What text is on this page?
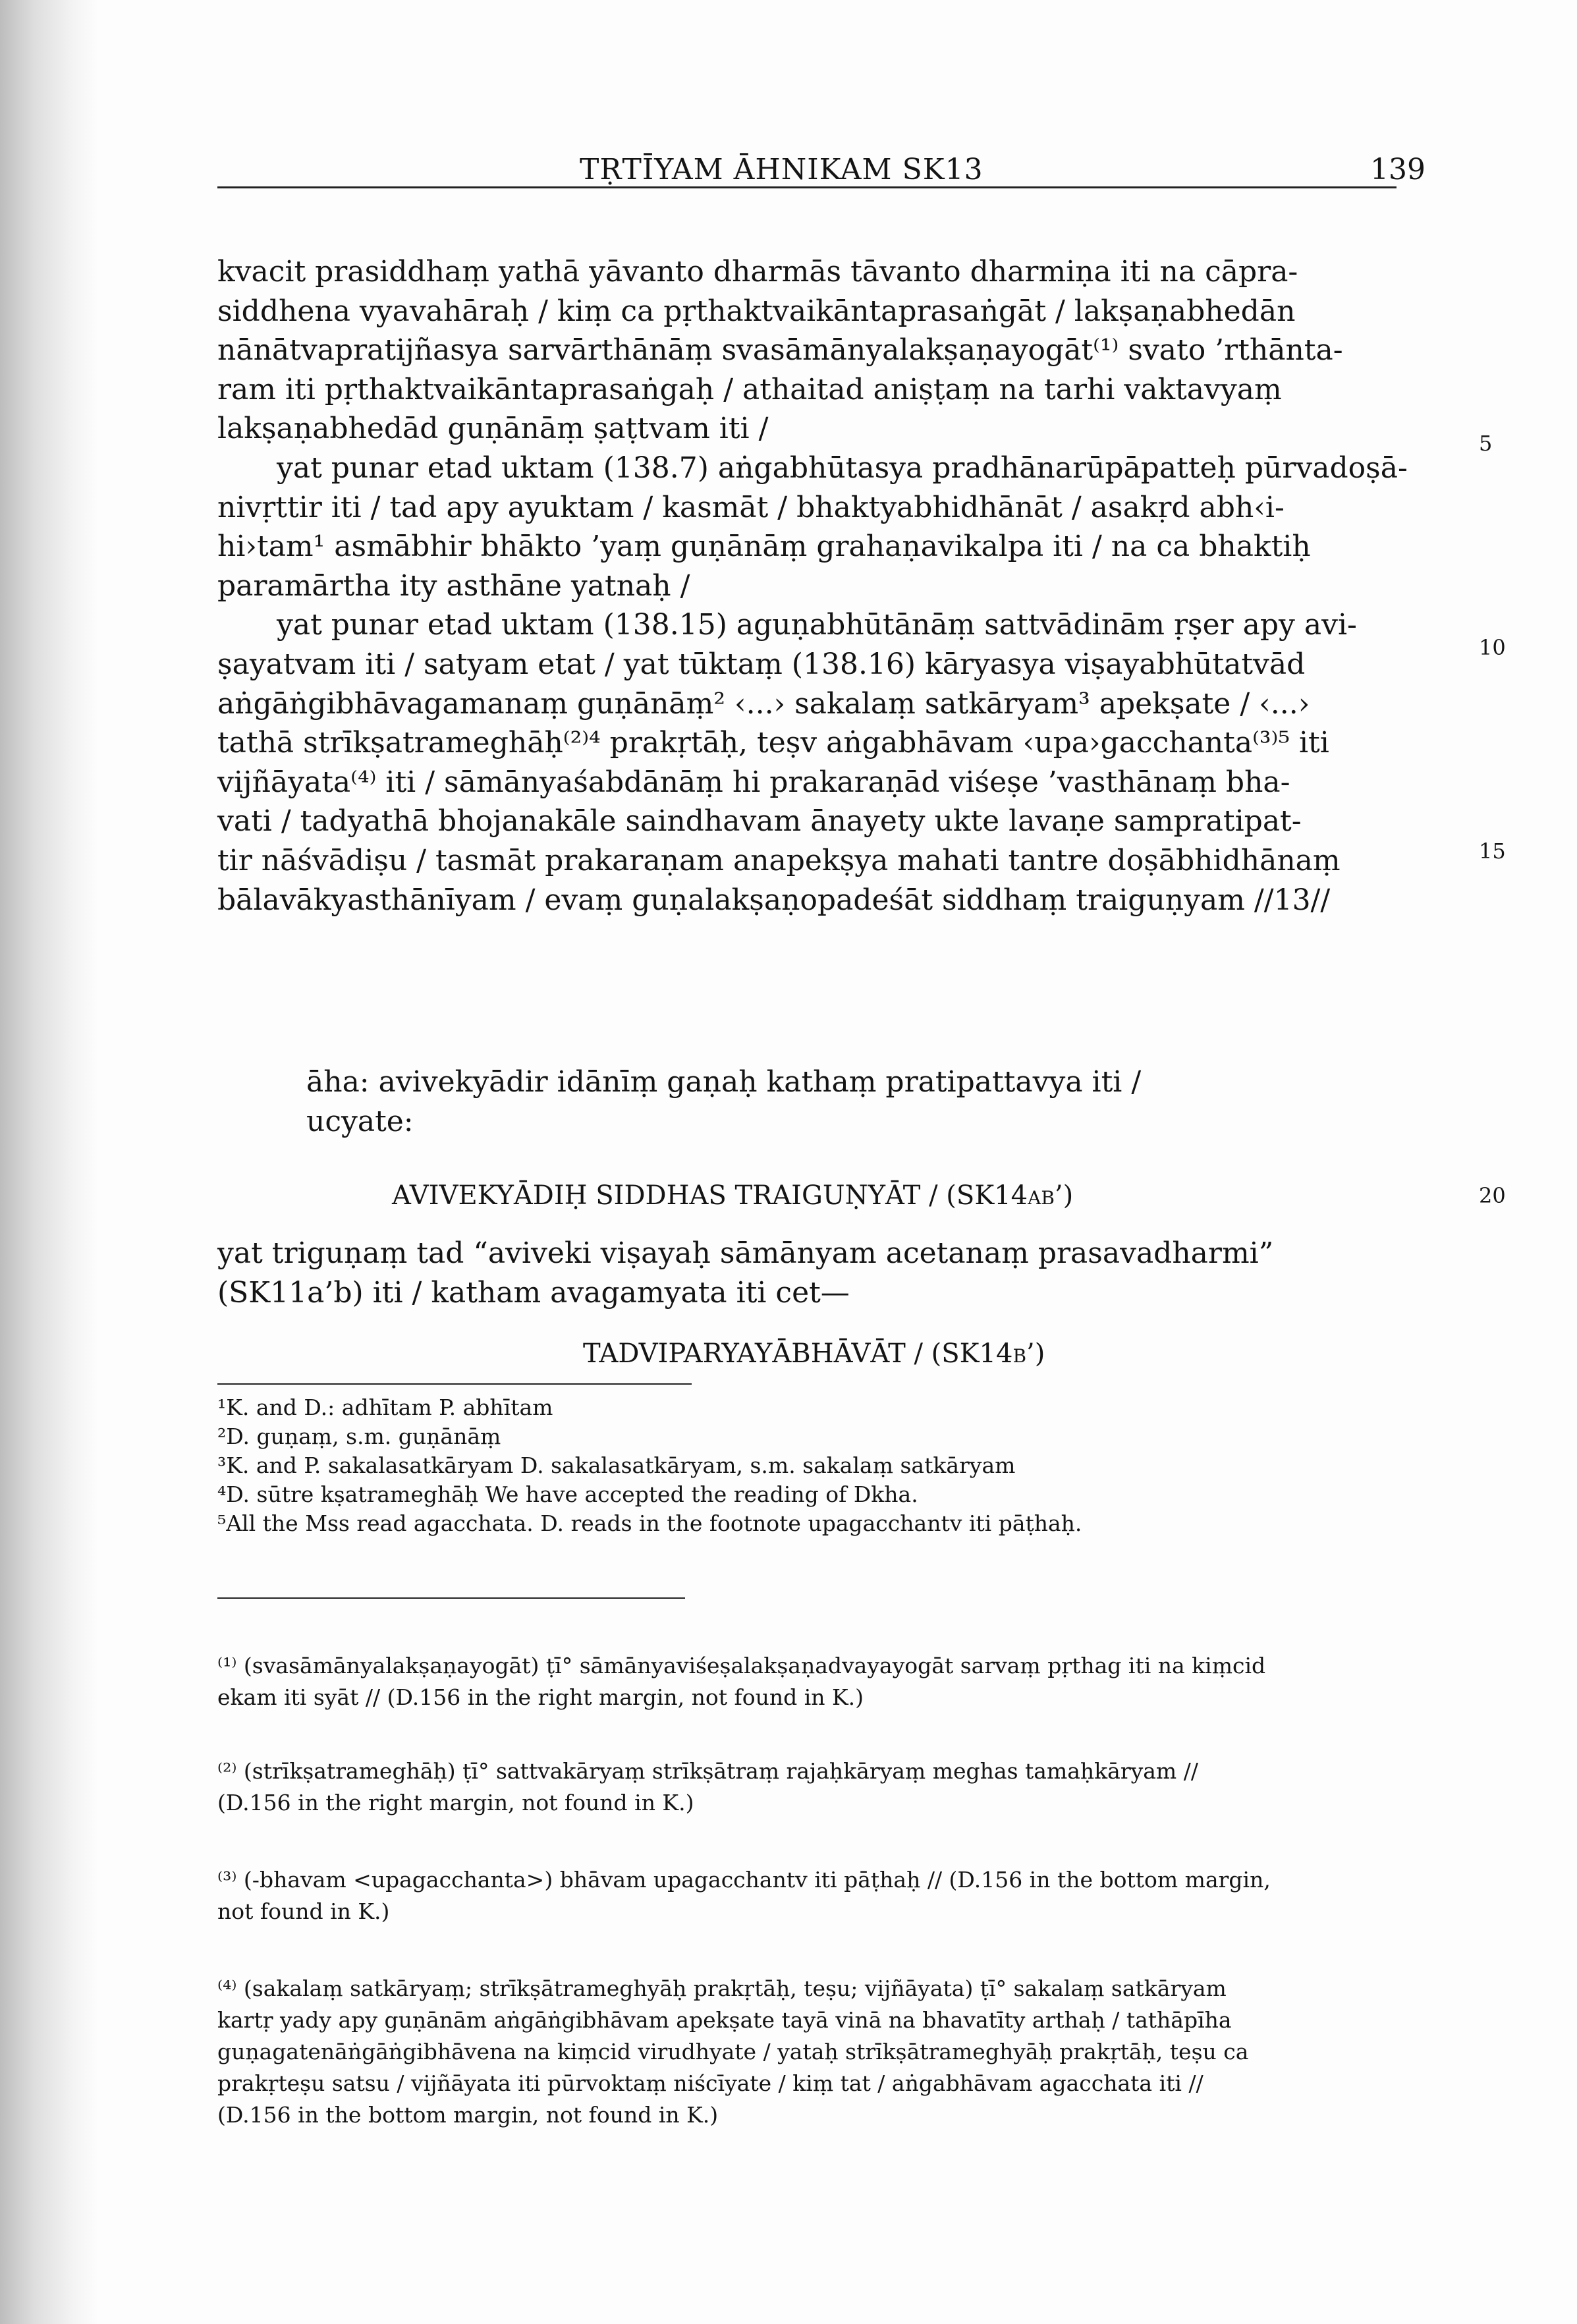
TṚTĪYAM ĀHNIKAM SK13	139
kvacit prasiddhaṃ yathā yāvanto dharmās tāvanto dharmiṇa iti na cāpra-
siddhena vyavahāraḥ / kiṃ ca pṛthaktvaikāntaprasaṅgāt / lakṣaṇabhedān
nānātvapratijñasya sarvārthānāṃ svasāmānyalakṣaṇayogāt⁽¹⁾ svato ’rthānta-
ram iti pṛthaktvaikāntaprasaṅgaḥ / athaitad aniṣṭaṃ na tarhi vaktavyaṃ
lakṣaṇabhedād guṇānāṃ ṣaṭtvam iti /
yat punar etad uktam (138.7) aṅgabhūtasya pradhānarūpāpatteḥ pūrvadoṣā-
nivṛttir iti / tad apy ayuktam / kasmāt / bhaktyabhidhānāt / asakṛd abh‹i-
hi›tam¹ asmābhir bhākto ’yaṃ guṇānāṃ grahaṇavikalpa iti / na ca bhaktiḥ
paramārtha ity asthāne yatnaḥ /
yat punar etad uktam (138.15) aguṇabhūtānāṃ sattvādinām ṛṣer apy avi-
ṣayatvam iti / satyam etat / yat tūktaṃ (138.16) kāryasya viṣayabhūtatvād
aṅgāṅgibhāvagamanaṃ guṇānāṃ² ‹...› sakalaṃ satkāryam³ apekṣate / ‹...›
tathā strīkṣatrameghāḥ⁽²⁾⁴ prakṛtāḥ, teṣv aṅgabhāvam ‹upa›gacchanta⁽³⁾⁵ iti
vijñāyata⁽⁴⁾ iti / sāmānyaśabdānāṃ hi prakaraṇād viśeṣe ’vasthānaṃ bha-
vati / tadyathā bhojanakāle saindhavam ānayety ukte lavaṇe sampratipat-
tir nāśvādiṣu / tasmāt prakaraṇam anapekṣya mahati tantre doṣābhidhānaṃ
bālavākyasthānīyam / evaṃ guṇalakṣaṇopadeśāt siddhaṃ traiguṇyam //13//
5
10
15
20
āha: avivekyādir idānīṃ gaṇaḥ kathaṃ pratipattavya iti /
ucyate:
AVIVEKYĀDIḤ SIDDHAS TRAIGUṆYĀT / (SK14ab’)
yat triguṇaṃ tad “aviveki viṣayaḥ sāmānyam acetanaṃ prasavadharmi”
(SK11a’b) iti / katham avagamyata iti cet—
TADVIPARYAYĀBHĀVĀT / (SK14b’)
¹K. and D.: adhītam P. abhītam
²D. guṇaṃ, s.m. guṇānāṃ
³K. and P. sakalasatkāryam D. sakalasatkāryam, s.m. sakalaṃ satkāryam
⁴D. sūtre kṣatrameghāḥ We have accepted the reading of Dkha.
⁵All the Mss read agacchata. D. reads in the footnote upagacchantv iti pāṭhaḥ.
⁽¹⁾ (svasāmānyalakṣaṇayogāt) ṭī° sāmānyaviśeṣalakṣaṇadvayayogāt sarvaṃ pṛthag iti na kiṃcid
ekam iti syāt // (D.156 in the right margin, not found in K.)
⁽²⁾ (strīkṣatrameghāḥ) ṭī° sattvakāryaṃ strīkṣātraṃ rajaḥkāryaṃ meghas tamaḥkāryam //
(D.156 in the right margin, not found in K.)
⁽³⁾ (-bhavam <upagacchanta>) bhāvam upagacchantv iti pāṭhaḥ // (D.156 in the bottom margin,
not found in K.)
⁽⁴⁾ (sakalaṃ satkāryaṃ; strīkṣātrameghyāḥ prakṛtāḥ, teṣu; vijñāyata) ṭī° sakalaṃ satkāryam
kartṛ yady apy guṇānām aṅgāṅgibhāvam apekṣate tayā vinā na bhavatīty arthaḥ / tathāpīha
guṇagatenāṅgāṅgibhāvena na kiṃcid virudhyate / yataḥ strīkṣātrameghyāḥ prakṛtāḥ, teṣu ca
prakṛteṣu satsu / vijñāyata iti pūrvoktaṃ niścīyate / kiṃ tat / aṅgabhāvam agacchata iti //
(D.156 in the bottom margin, not found in K.)
